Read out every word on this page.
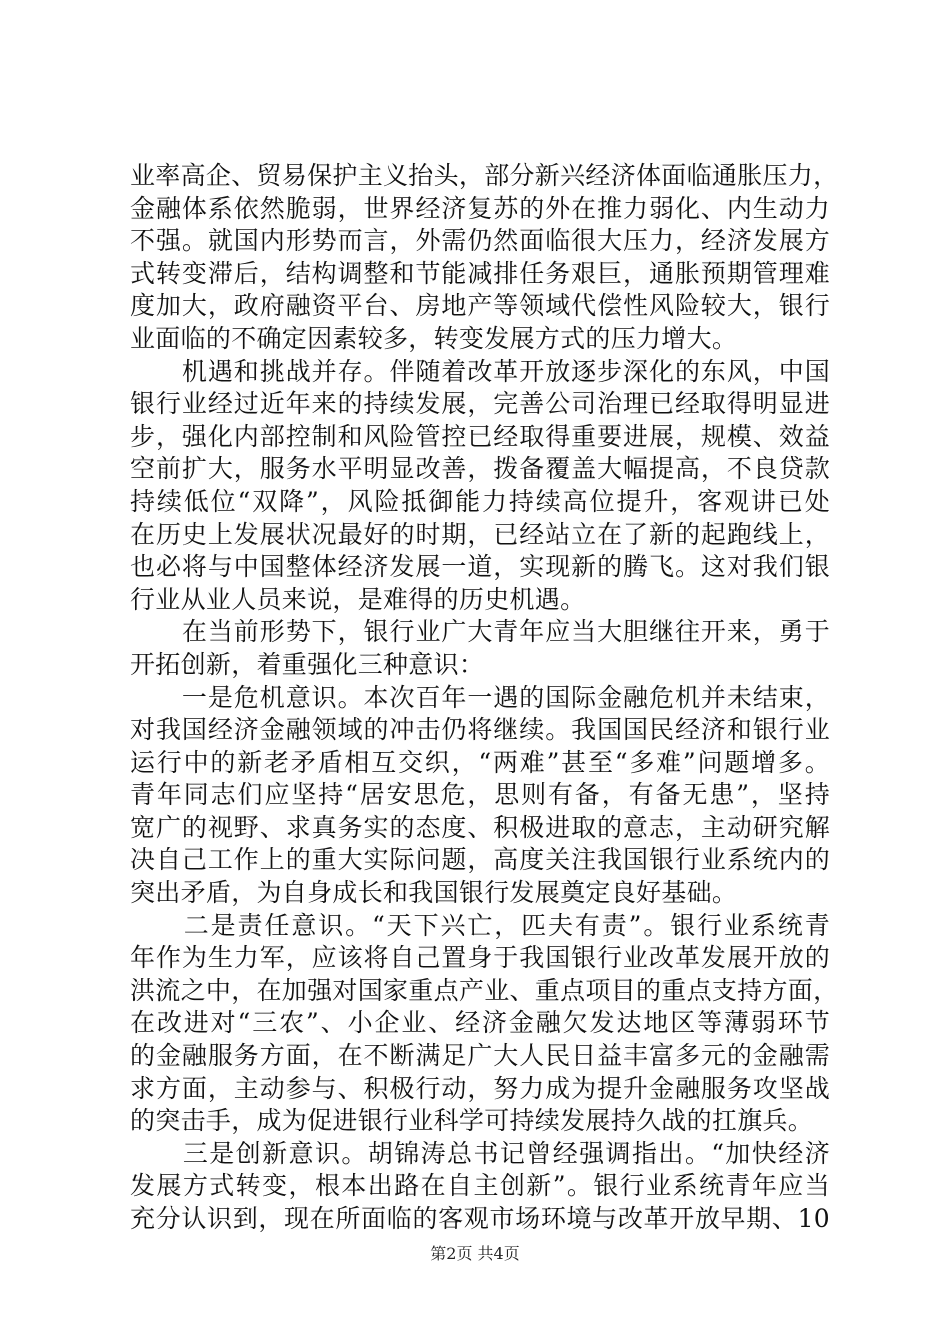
业率高企、贸易保护主义抬头，部分新兴经济体面临通胀压力，
金融体系依然脆弱，世界经济复苏的外在推力弱化、内生动力
不强。就国内形势而言，外需仍然面临很大压力，经济发展方
式转变滞后，结构调整和节能减排任务艰巨，通胀预期管理难
度加大，政府融资平台、房地产等领域代偿性风险较大，银行
业面临的不确定因素较多，转变发展方式的压力增大。
　　机遇和挑战并存。伴随着改革开放逐步深化的东风，中国
银行业经过近年来的持续发展，完善公司治理已经取得明显进
步，强化内部控制和风险管控已经取得重要进展，规模、效益
空前扩大，服务水平明显改善，拨备覆盖大幅提高，不良贷款
持续低位“双降”，风险抵御能力持续高位提升，客观讲已处
在历史上发展状况最好的时期，已经站立在了新的起跑线上，
也必将与中国整体经济发展一道，实现新的腾飞。这对我们银
行业从业人员来说，是难得的历史机遇。
　　在当前形势下，银行业广大青年应当大胆继往开来，勇于
开拓创新，着重强化三种意识：
　　一是危机意识。本次百年一遇的国际金融危机并未结束，
对我国经济金融领域的冲击仍将继续。我国国民经济和银行业
运行中的新老矛盾相互交织，“两难”甚至“多难”问题增多。
青年同志们应坚持“居安思危，思则有备，有备无患”，坚持
宽广的视野、求真务实的态度、积极进取的意志，主动研究解
决自己工作上的重大实际问题，高度关注我国银行业系统内的
突出矛盾，为自身成长和我国银行发展奠定良好基础。
　　二是责任意识。“天下兴亡，匹夫有责”。银行业系统青
年作为生力军，应该将自己置身于我国银行业改革发展开放的
洪流之中，在加强对国家重点产业、重点项目的重点支持方面，
在改进对“三农”、小企业、经济金融欠发达地区等薄弱环节
的金融服务方面，在不断满足广大人民日益丰富多元的金融需
求方面，主动参与、积极行动，努力成为提升金融服务攻坚战
的突击手，成为促进银行业科学可持续发展持久战的扛旗兵。
　　三是创新意识。胡锦涛总书记曾经强调指出。“加快经济
发展方式转变，根本出路在自主创新”。银行业系统青年应当
充分认识到，现在所面临的客观市场环境与改革开放早期、10
第2页 共4页
